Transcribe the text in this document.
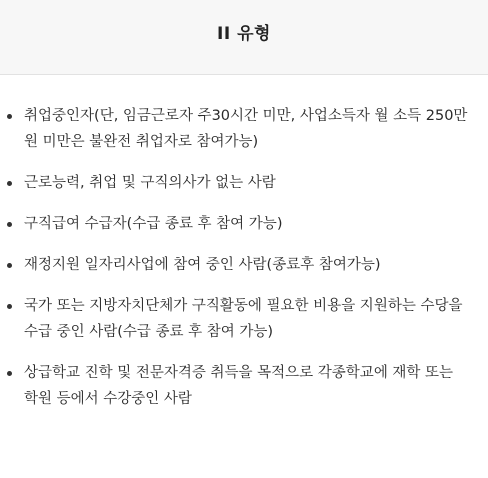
II 유형
취업중인자(단, 임금근로자 주30시간 미만, 사업소득자 월 소득 250만원 미만은 불완전 취업자로 참여가능)
근로능력, 취업 및 구직의사가 없는 사람
구직급여 수급자(수급 종료 후 참여 가능)
재정지원 일자리사업에 참여 중인 사람(종료후 참여가능)
국가 또는 지방자치단체가 구직활동에 필요한 비용을 지원하는 수당을 수급 중인 사람(수급 종료 후 참여 가능)
상급학교 진학 및 전문자격증 취득을 목적으로 각종학교에 재학 또는 학원 등에서 수강중인 사람
